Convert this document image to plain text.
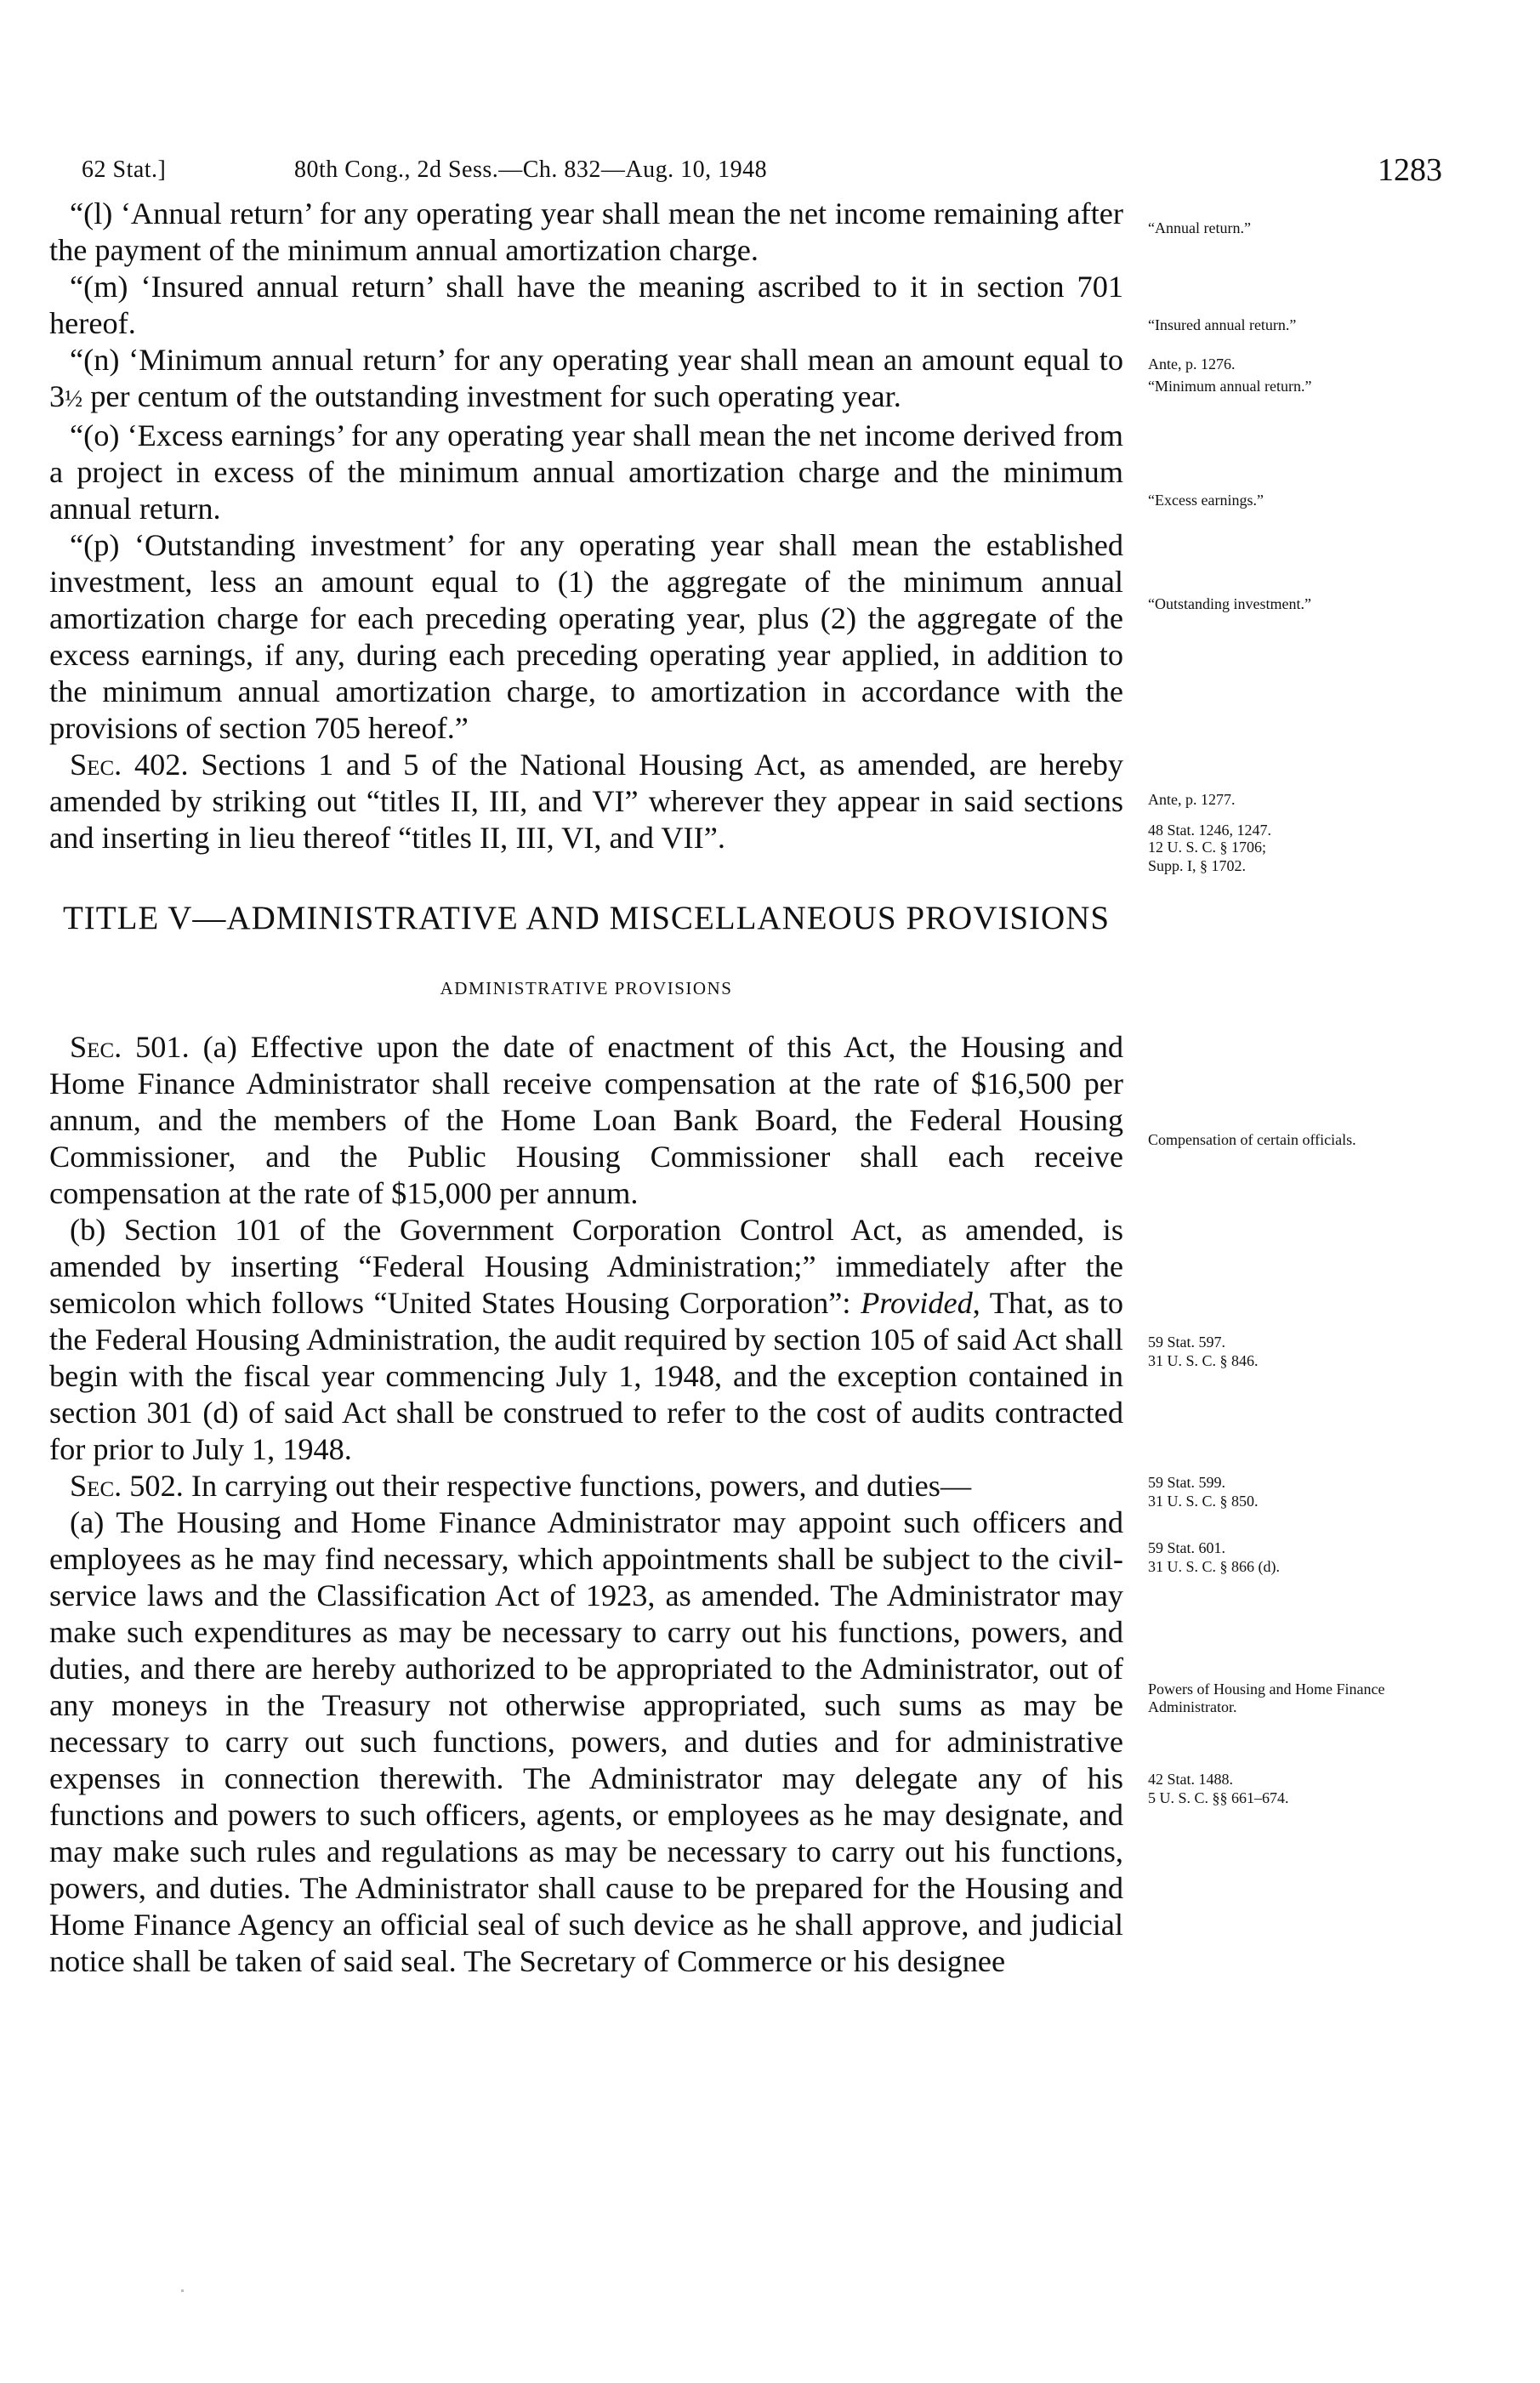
62 Stat.]	80th Cong., 2d Sess.—Ch. 832—Aug. 10, 1948	1283

“(l) ‘Annual return’ for any operating year shall mean the net income remaining after the payment of the minimum annual amortization charge.

“(m) ‘Insured annual return’ shall have the meaning ascribed to it in section 701 hereof.

“(n) ‘Minimum annual return’ for any operating year shall mean an amount equal to 3½ per centum of the outstanding investment for such operating year.

“(o) ‘Excess earnings’ for any operating year shall mean the net income derived from a project in excess of the minimum annual amortization charge and the minimum annual return.

“(p) ‘Outstanding investment’ for any operating year shall mean the established investment, less an amount equal to (1) the aggregate of the minimum annual amortization charge for each preceding operating year, plus (2) the aggregate of the excess earnings, if any, during each preceding operating year applied, in addition to the minimum annual amortization charge, to amortization in accordance with the provisions of section 705 hereof.”

Sec. 402. Sections 1 and 5 of the National Housing Act, as amended, are hereby amended by striking out “titles II, III, and VI” wherever they appear in said sections and inserting in lieu thereof “titles II, III, VI, and VII”.

TITLE V—ADMINISTRATIVE AND MISCELLANEOUS PROVISIONS
ADMINISTRATIVE PROVISIONS

Sec. 501. (a) Effective upon the date of enactment of this Act, the Housing and Home Finance Administrator shall receive compensation at the rate of $16,500 per annum, and the members of the Home Loan Bank Board, the Federal Housing Commissioner, and the Public Housing Commissioner shall each receive compensation at the rate of $15,000 per annum.

(b) Section 101 of the Government Corporation Control Act, as amended, is amended by inserting “Federal Housing Administration;” immediately after the semicolon which follows “United States Housing Corporation”: Provided, That, as to the Federal Housing Administration, the audit required by section 105 of said Act shall begin with the fiscal year commencing July 1, 1948, and the exception contained in section 301 (d) of said Act shall be construed to refer to the cost of audits contracted for prior to July 1, 1948.

Sec. 502. In carrying out their respective functions, powers, and duties—

(a) The Housing and Home Finance Administrator may appoint such officers and employees as he may find necessary, which appointments shall be subject to the civil-service laws and the Classification Act of 1923, as amended. The Administrator may make such expenditures as may be necessary to carry out his functions, powers, and duties, and there are hereby authorized to be appropriated to the Administrator, out of any moneys in the Treasury not otherwise appropriated, such sums as may be necessary to carry out such functions, powers, and duties and for administrative expenses in connection therewith. The Administrator may delegate any of his functions and powers to such officers, agents, or employees as he may designate, and may make such rules and regulations as may be necessary to carry out his functions, powers, and duties. The Administrator shall cause to be prepared for the Housing and Home Finance Agency an official seal of such device as he shall approve, and judicial notice shall be taken of said seal. The Secretary of Commerce or his designee

“Annual return.”
“Insured annual return.”
Ante, p. 1276.
“Minimum annual return.”
“Excess earnings.”
“Outstanding investment.”
Ante, p. 1277.
48 Stat. 1246, 1247.
12 U. S. C. § 1706;
Supp. I, § 1702.
Compensation of certain officials.
59 Stat. 597.
31 U. S. C. § 846.
59 Stat. 599.
31 U. S. C. § 850.
59 Stat. 601.
31 U. S. C. § 866 (d).
Powers of Housing and Home Finance Administrator.
42 Stat. 1488.
5 U. S. C. §§ 661–674.
